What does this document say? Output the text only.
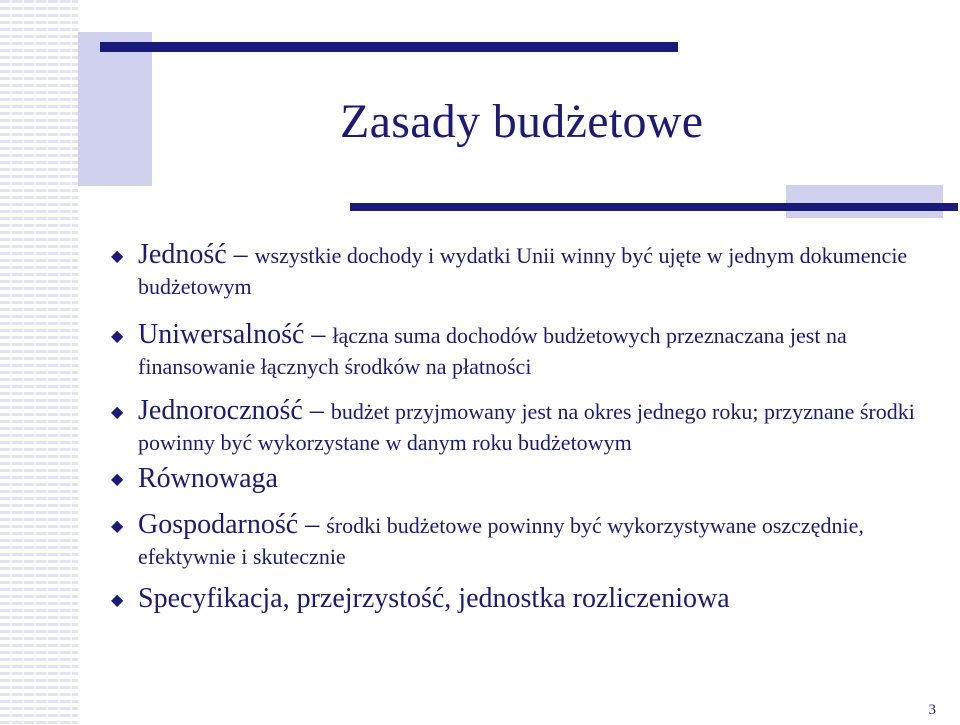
Zasady budżetowe
◆ Jedność – wszystkie dochody i wydatki Unii winny być ujęte w jednym dokumencie budżetowym
◆ Uniwersalność – łączna suma dochodów budżetowych przeznaczana jest na finansowanie łącznych środków na płatności
◆ Jednoroczność – budżet przyjmowany jest na okres jednego roku; przyznane środki powinny być wykorzystane w danym roku budżetowym
◆ Równowaga
◆ Gospodarność – środki budżetowe powinny być wykorzystywane oszczędnie, efektywnie i skutecznie
◆ Specyfikacja, przejrzystość, jednostka rozliczeniowa
3
